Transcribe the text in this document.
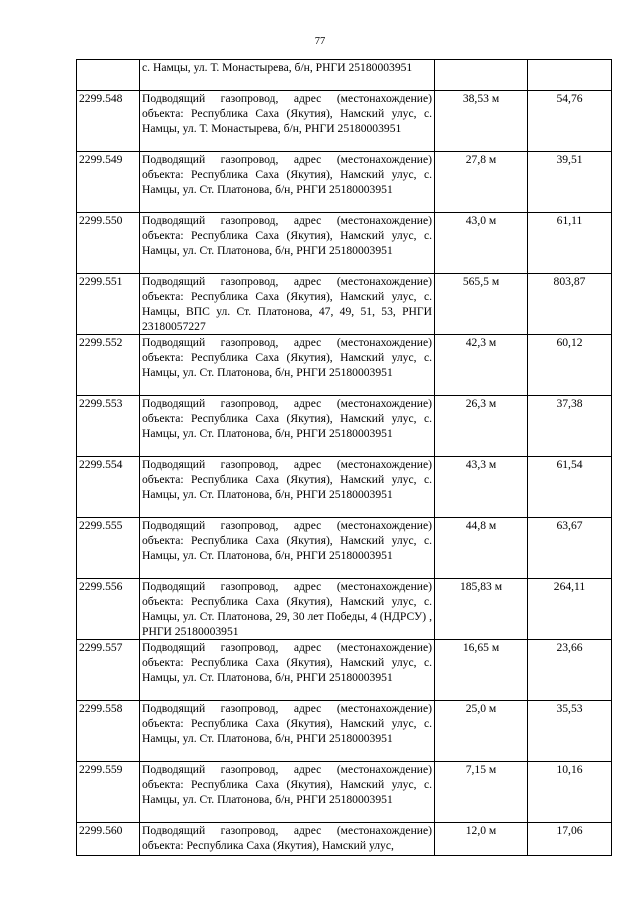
77
	с. Намцы, ул. Т. Монастырева, б/н, РНГИ 25180003951		
2299.548	Подводящий газопровод, адрес (местонахождение) объекта: Республика Саха (Якутия), Намский улус, с. Намцы, ул. Т. Монастырева, б/н, РНГИ 25180003951	38,53 м	54,76
2299.549	Подводящий газопровод, адрес (местонахождение) объекта: Республика Саха (Якутия), Намский улус, с. Намцы, ул. Ст. Платонова, б/н, РНГИ 25180003951	27,8 м	39,51
2299.550	Подводящий газопровод, адрес (местонахождение) объекта: Республика Саха (Якутия), Намский улус, с. Намцы, ул. Ст. Платонова, б/н, РНГИ 25180003951	43,0 м	61,11
2299.551	Подводящий газопровод, адрес (местонахождение) объекта: Республика Саха (Якутия), Намский улус, с. Намцы, ВПС ул. Ст. Платонова, 47, 49, 51, 53, РНГИ 23180057227	565,5 м	803,87
2299.552	Подводящий газопровод, адрес (местонахождение) объекта: Республика Саха (Якутия), Намский улус, с. Намцы, ул. Ст. Платонова, б/н, РНГИ 25180003951	42,3 м	60,12
2299.553	Подводящий газопровод, адрес (местонахождение) объекта: Республика Саха (Якутия), Намский улус, с. Намцы, ул. Ст. Платонова, б/н, РНГИ 25180003951	26,3 м	37,38
2299.554	Подводящий газопровод, адрес (местонахождение) объекта: Республика Саха (Якутия), Намский улус, с. Намцы, ул. Ст. Платонова, б/н, РНГИ 25180003951	43,3 м	61,54
2299.555	Подводящий газопровод, адрес (местонахождение) объекта: Республика Саха (Якутия), Намский улус, с. Намцы, ул. Ст. Платонова, б/н, РНГИ 25180003951	44,8 м	63,67
2299.556	Подводящий газопровод, адрес (местонахождение) объекта: Республика Саха (Якутия), Намский улус, с. Намцы, ул. Ст. Платонова, 29, 30 лет Победы, 4 (НДРСУ) , РНГИ 25180003951	185,83 м	264,11
2299.557	Подводящий газопровод, адрес (местонахождение) объекта: Республика Саха (Якутия), Намский улус, с. Намцы, ул. Ст. Платонова, б/н, РНГИ 25180003951	16,65 м	23,66
2299.558	Подводящий газопровод, адрес (местонахождение) объекта: Республика Саха (Якутия), Намский улус, с. Намцы, ул. Ст. Платонова, б/н, РНГИ 25180003951	25,0 м	35,53
2299.559	Подводящий газопровод, адрес (местонахождение) объекта: Республика Саха (Якутия), Намский улус, с. Намцы, ул. Ст. Платонова, б/н, РНГИ 25180003951	7,15 м	10,16
2299.560	Подводящий газопровод, адрес (местонахождение) объекта: Республика Саха (Якутия), Намский улус,	12,0 м	17,06
